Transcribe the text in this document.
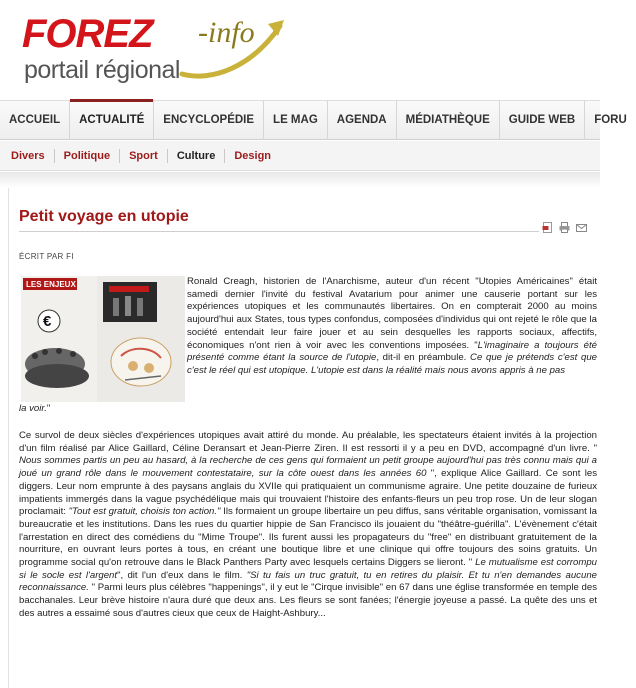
FOREZ -info
portail régional
ACCUEIL	ACTUALITÉ	ENCYCLOPÉDIE	LE MAG	AGENDA	MÉDIATHÈQUE	GUIDE WEB	FORU
Divers	Politique	Sport	Culture	Design
Petit voyage en utopie
ÉCRIT PAR FI
LES ENJEUX
€

Ronald Creagh, historien de l'Anarchisme, auteur d'un récent "Utopies Américaines" était samedi dernier l'invité du festival Avatarium pour animer une causerie portant sur les expériences utopiques et les communautés libertaires. On en compterait 2000 au moins aujourd'hui aux States, tous types confondus, composées d'individus qui ont rejeté le rôle que la société entendait leur faire jouer et au sein desquelles les rapports sociaux, affectifs, économiques n'ont rien à voir avec les conventions imposées. "L'imaginaire a toujours été présenté comme étant la source de l'utopie, dit-il en préambule. Ce que je prétends c'est que c'est le réel qui est utopique. L'utopie est dans la réalité mais nous avons appris à ne pas

la voir."

Ce survol de deux siècles d'expériences utopiques avait attiré du monde. Au préalable, les spectateurs étaient invités à la projection d'un film réalisé par Alice Gaillard, Céline Deransart et Jean-Pierre Ziren. Il est ressorti il y a peu en DVD, accompagné d'un livre. " Nous sommes partis un peu au hasard, à la recherche de ces gens qui formaient un petit groupe aujourd'hui pas très connu mais qui a joué un grand rôle dans le mouvement contestataire, sur la côte ouest dans les années 60 ", explique Alice Gaillard. Ce sont les diggers. Leur nom emprunte à des paysans anglais du XVIIe qui pratiquaient un communisme agraire. Une petite douzaine de furieux impatients immergés dans la vague psychédélique mais qui trouvaient l'histoire des enfants-fleurs un peu trop rose. Un de leur slogan proclamait: "Tout est gratuit, choisis ton action." Ils formaient un groupe libertaire un peu diffus, sans véritable organisation, vomissant la bureaucratie et les institutions. Dans les rues du quartier hippie de San Francisco ils jouaient du "théâtre-guérilla". L'évènement c'était l'arrestation en direct des comédiens du "Mime Troupe". Ils furent aussi les propagateurs du "free" en distribuant gratuitement de la nourriture, en ouvrant leurs portes à tous, en créant une boutique libre et une clinique qui offre toujours des soins gratuits. Un programme social qu'on retrouve dans le Black Panthers Party avec lesquels certains Diggers se lieront. " Le mutualisme est corrompu si le socle est l'argent", dit l'un d'eux dans le film. "Si tu fais un truc gratuit, tu en retires du plaisir. Et tu n'en demandes aucune reconnaissance. " Parmi leurs plus célèbres "happenings", il y eut le "Cirque invisible" en 67 dans une église transformée en temple des bacchanales. Leur brève histoire n'aura duré que deux ans. Les fleurs se sont fanées; l'énergie joyeuse a passé. La quête des uns et des autres a essaimé sous d'autres cieux que ceux de Haight-Ashbury...
